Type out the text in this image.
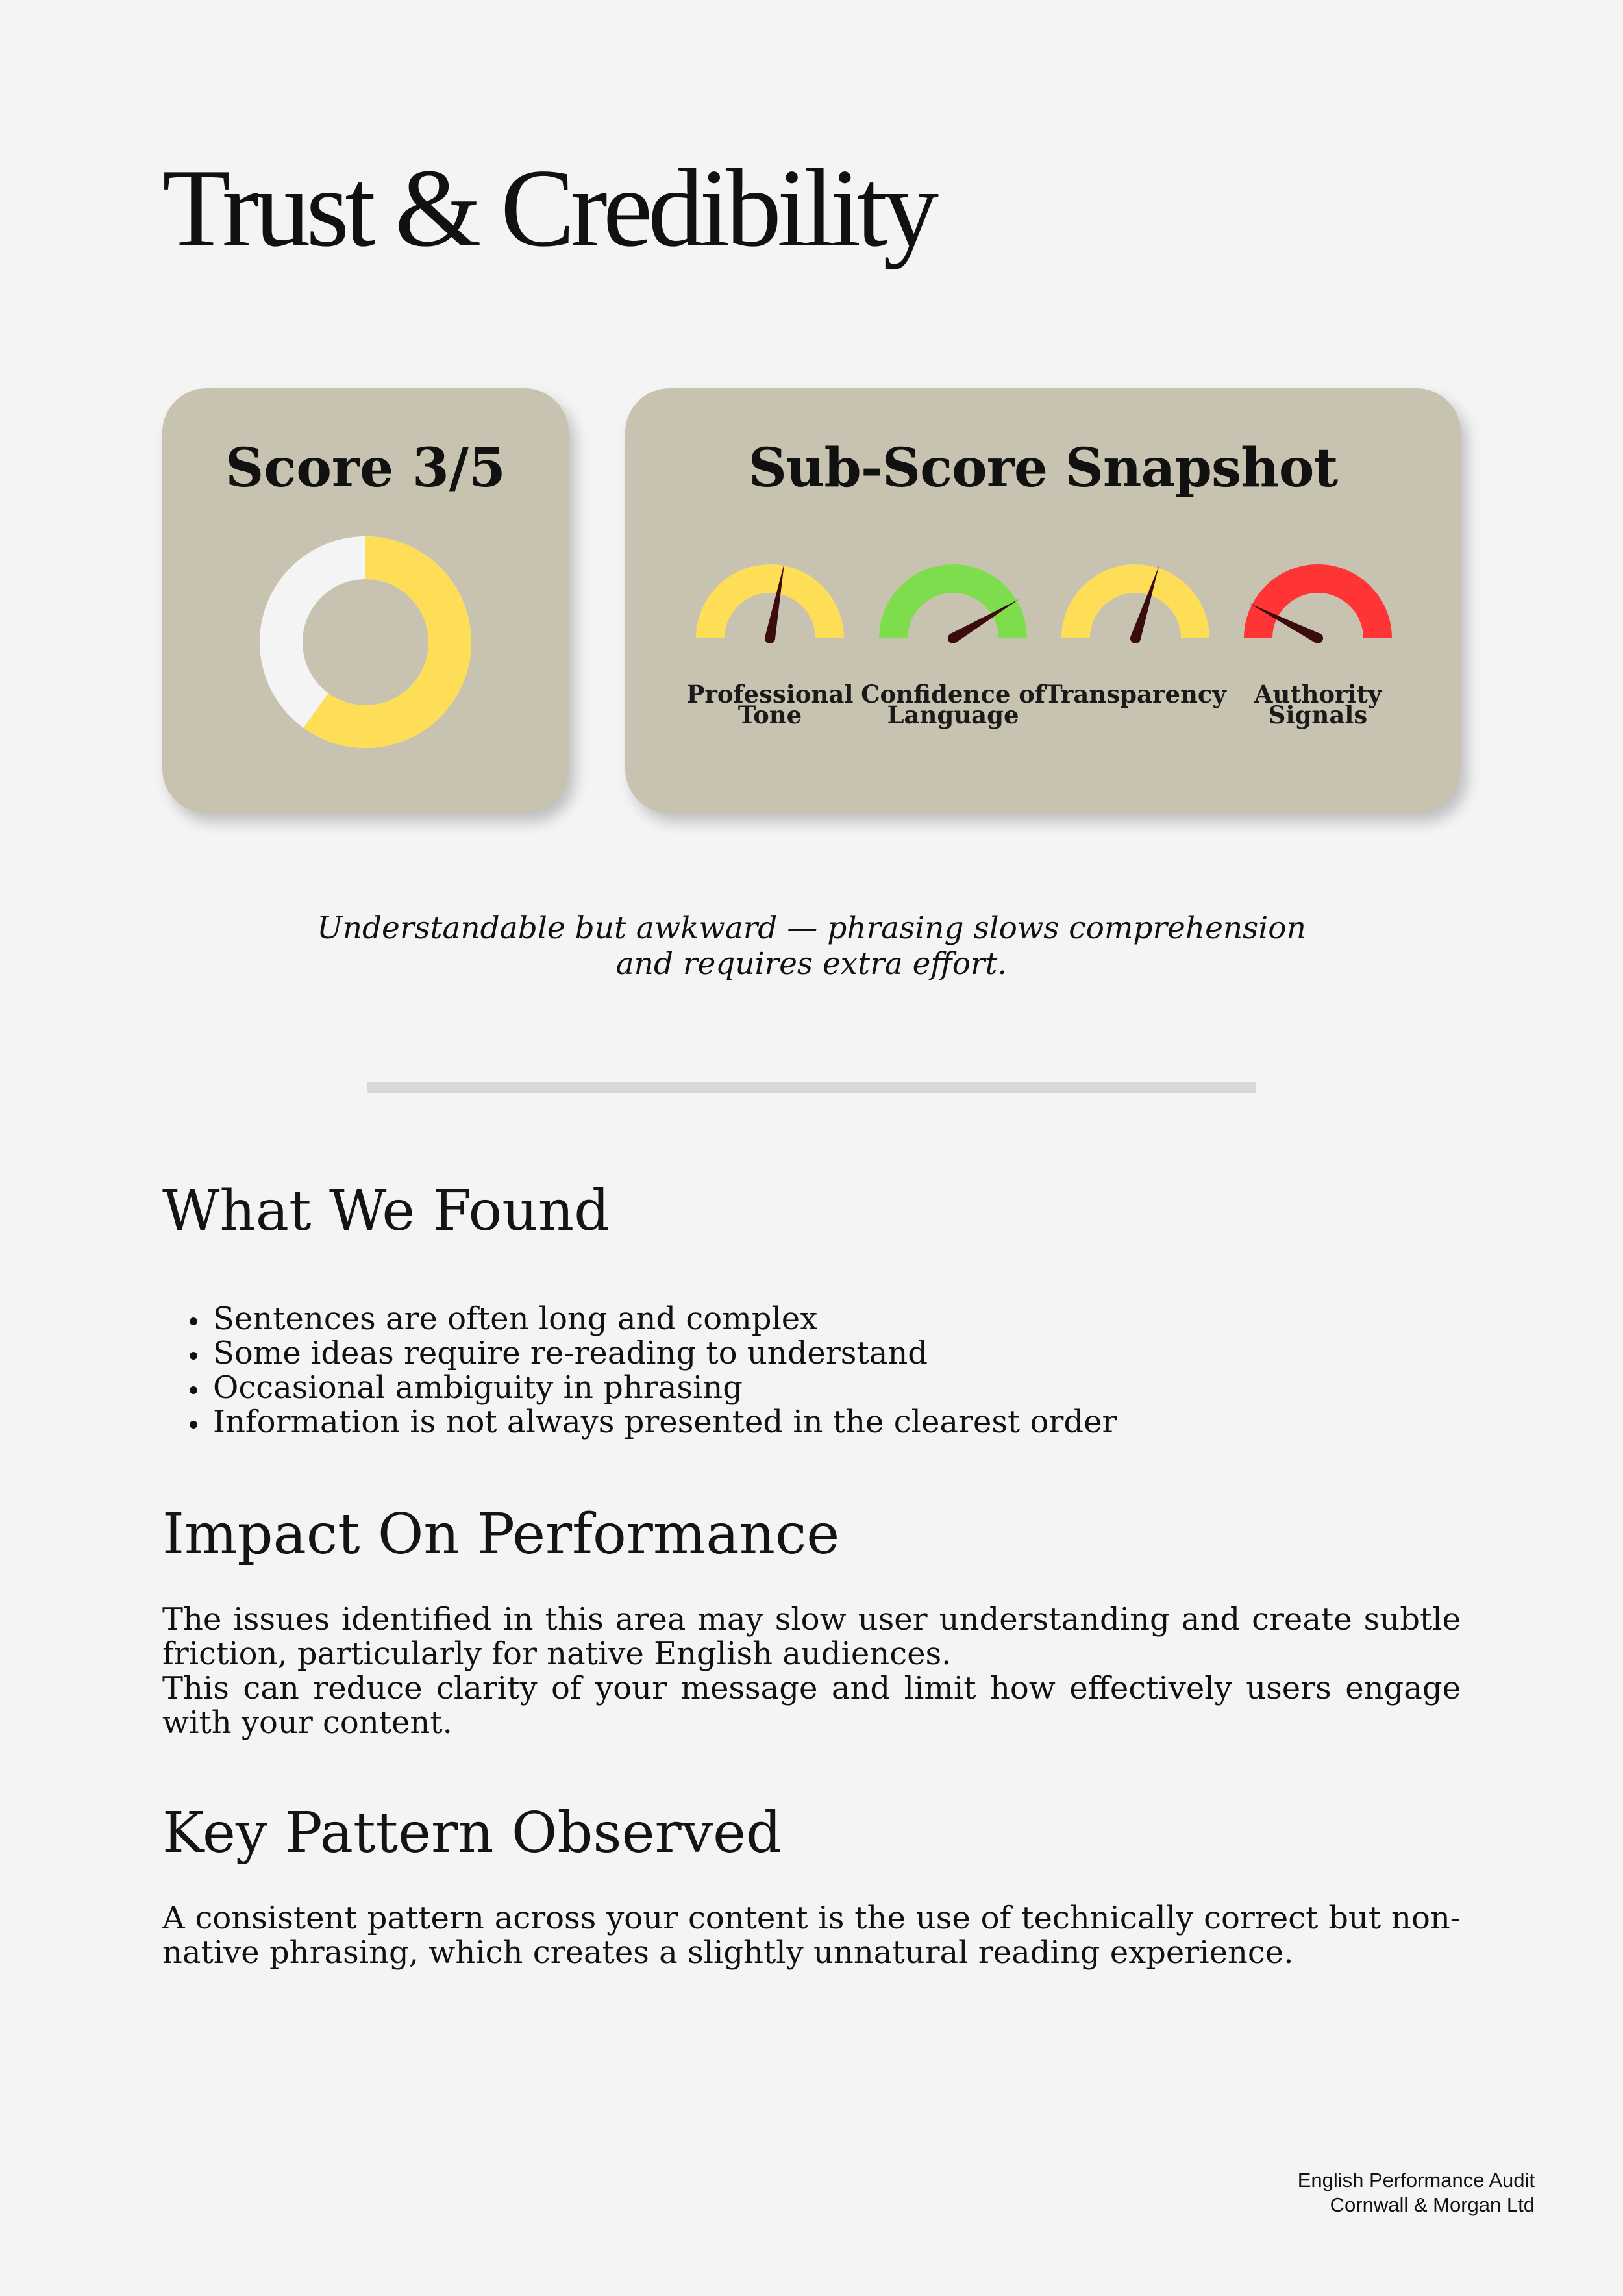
Trust & Credibility
Score 3/5	Sub-Score Snapshot
Professional
Tone
Confidence of
Language
Transparency	Authority
Signals
Understandable but awkward — phrasing slows comprehension
and requires extra effort.
What We Found
Sentences are often long and complex
Some ideas require re-reading to understand
Occasional ambiguity in phrasing
Information is not always presented in the clearest order
Impact On Performance

The issues identified in this area may slow user understanding and create subtle friction, particularly for native English audiences.

This can reduce clarity of your message and limit how effectively users engage with your content.

Key Pattern Observed

A consistent pattern across your content is the use of technically correct but non-native phrasing, which creates a slightly unnatural reading experience.

English Performance Audit
Cornwall & Morgan Ltd
